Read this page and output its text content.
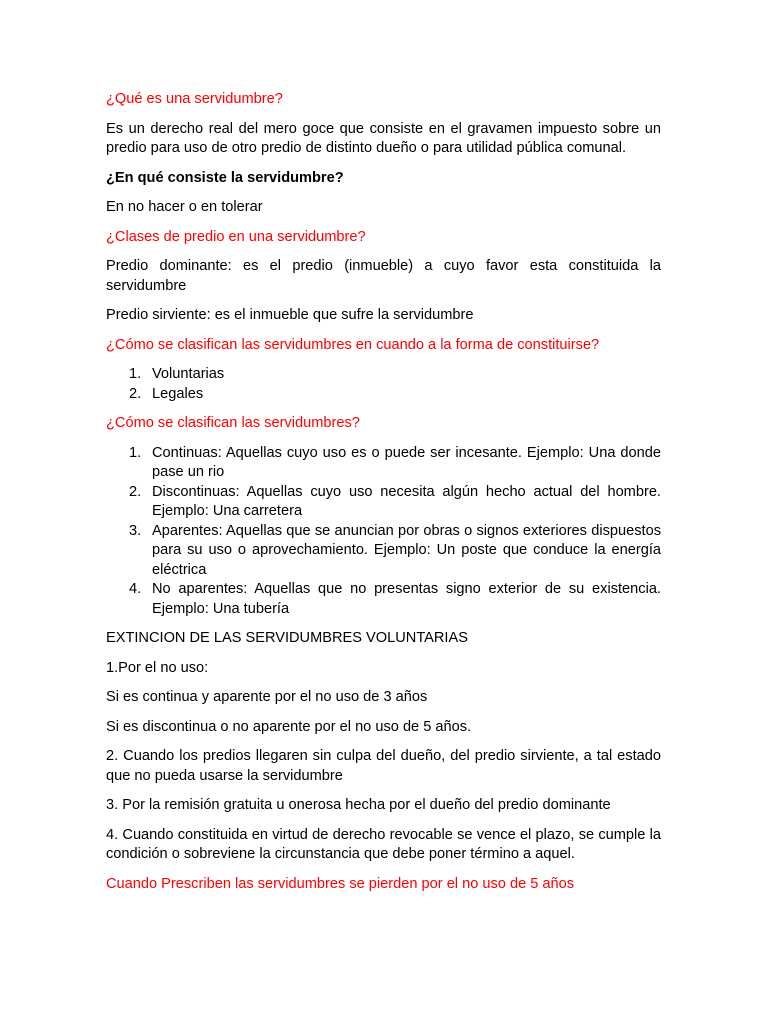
¿Qué es una servidumbre?

Es un derecho real del mero goce que consiste en el gravamen impuesto sobre un predio para uso de otro predio de distinto dueño o para utilidad pública comunal.

¿En qué consiste la servidumbre?

En no hacer o en tolerar

¿Clases de predio en una servidumbre?

Predio dominante: es el predio (inmueble) a cuyo favor esta constituida la servidumbre

Predio sirviente: es el inmueble que sufre la servidumbre

¿Cómo se clasifican las servidumbres en cuando a la forma de constituirse?

1. Voluntarias
2. Legales

¿Cómo se clasifican las servidumbres?

1. Continuas: Aquellas cuyo uso es o puede ser incesante. Ejemplo: Una donde pase un rio
2. Discontinuas: Aquellas cuyo uso necesita algún hecho actual del hombre. Ejemplo: Una carretera
3. Aparentes: Aquellas que se anuncian por obras o signos exteriores dispuestos para su uso o aprovechamiento. Ejemplo: Un poste que conduce la energía eléctrica
4. No aparentes: Aquellas que no presentas signo exterior de su existencia. Ejemplo: Una tubería

EXTINCION DE LAS SERVIDUMBRES VOLUNTARIAS

1.Por el no uso:

Si es continua y aparente por el no uso de 3 años

Si es discontinua o no aparente por el no uso de 5 años.

2. Cuando los predios llegaren sin culpa del dueño, del predio sirviente, a tal estado que no pueda usarse la servidumbre

3. Por la remisión gratuita u onerosa hecha por el dueño del predio dominante

4. Cuando constituida en virtud de derecho revocable se vence el plazo, se cumple la condición o sobreviene la circunstancia que debe poner término a aquel.

Cuando Prescriben las servidumbres se pierden por el no uso de 5 años
